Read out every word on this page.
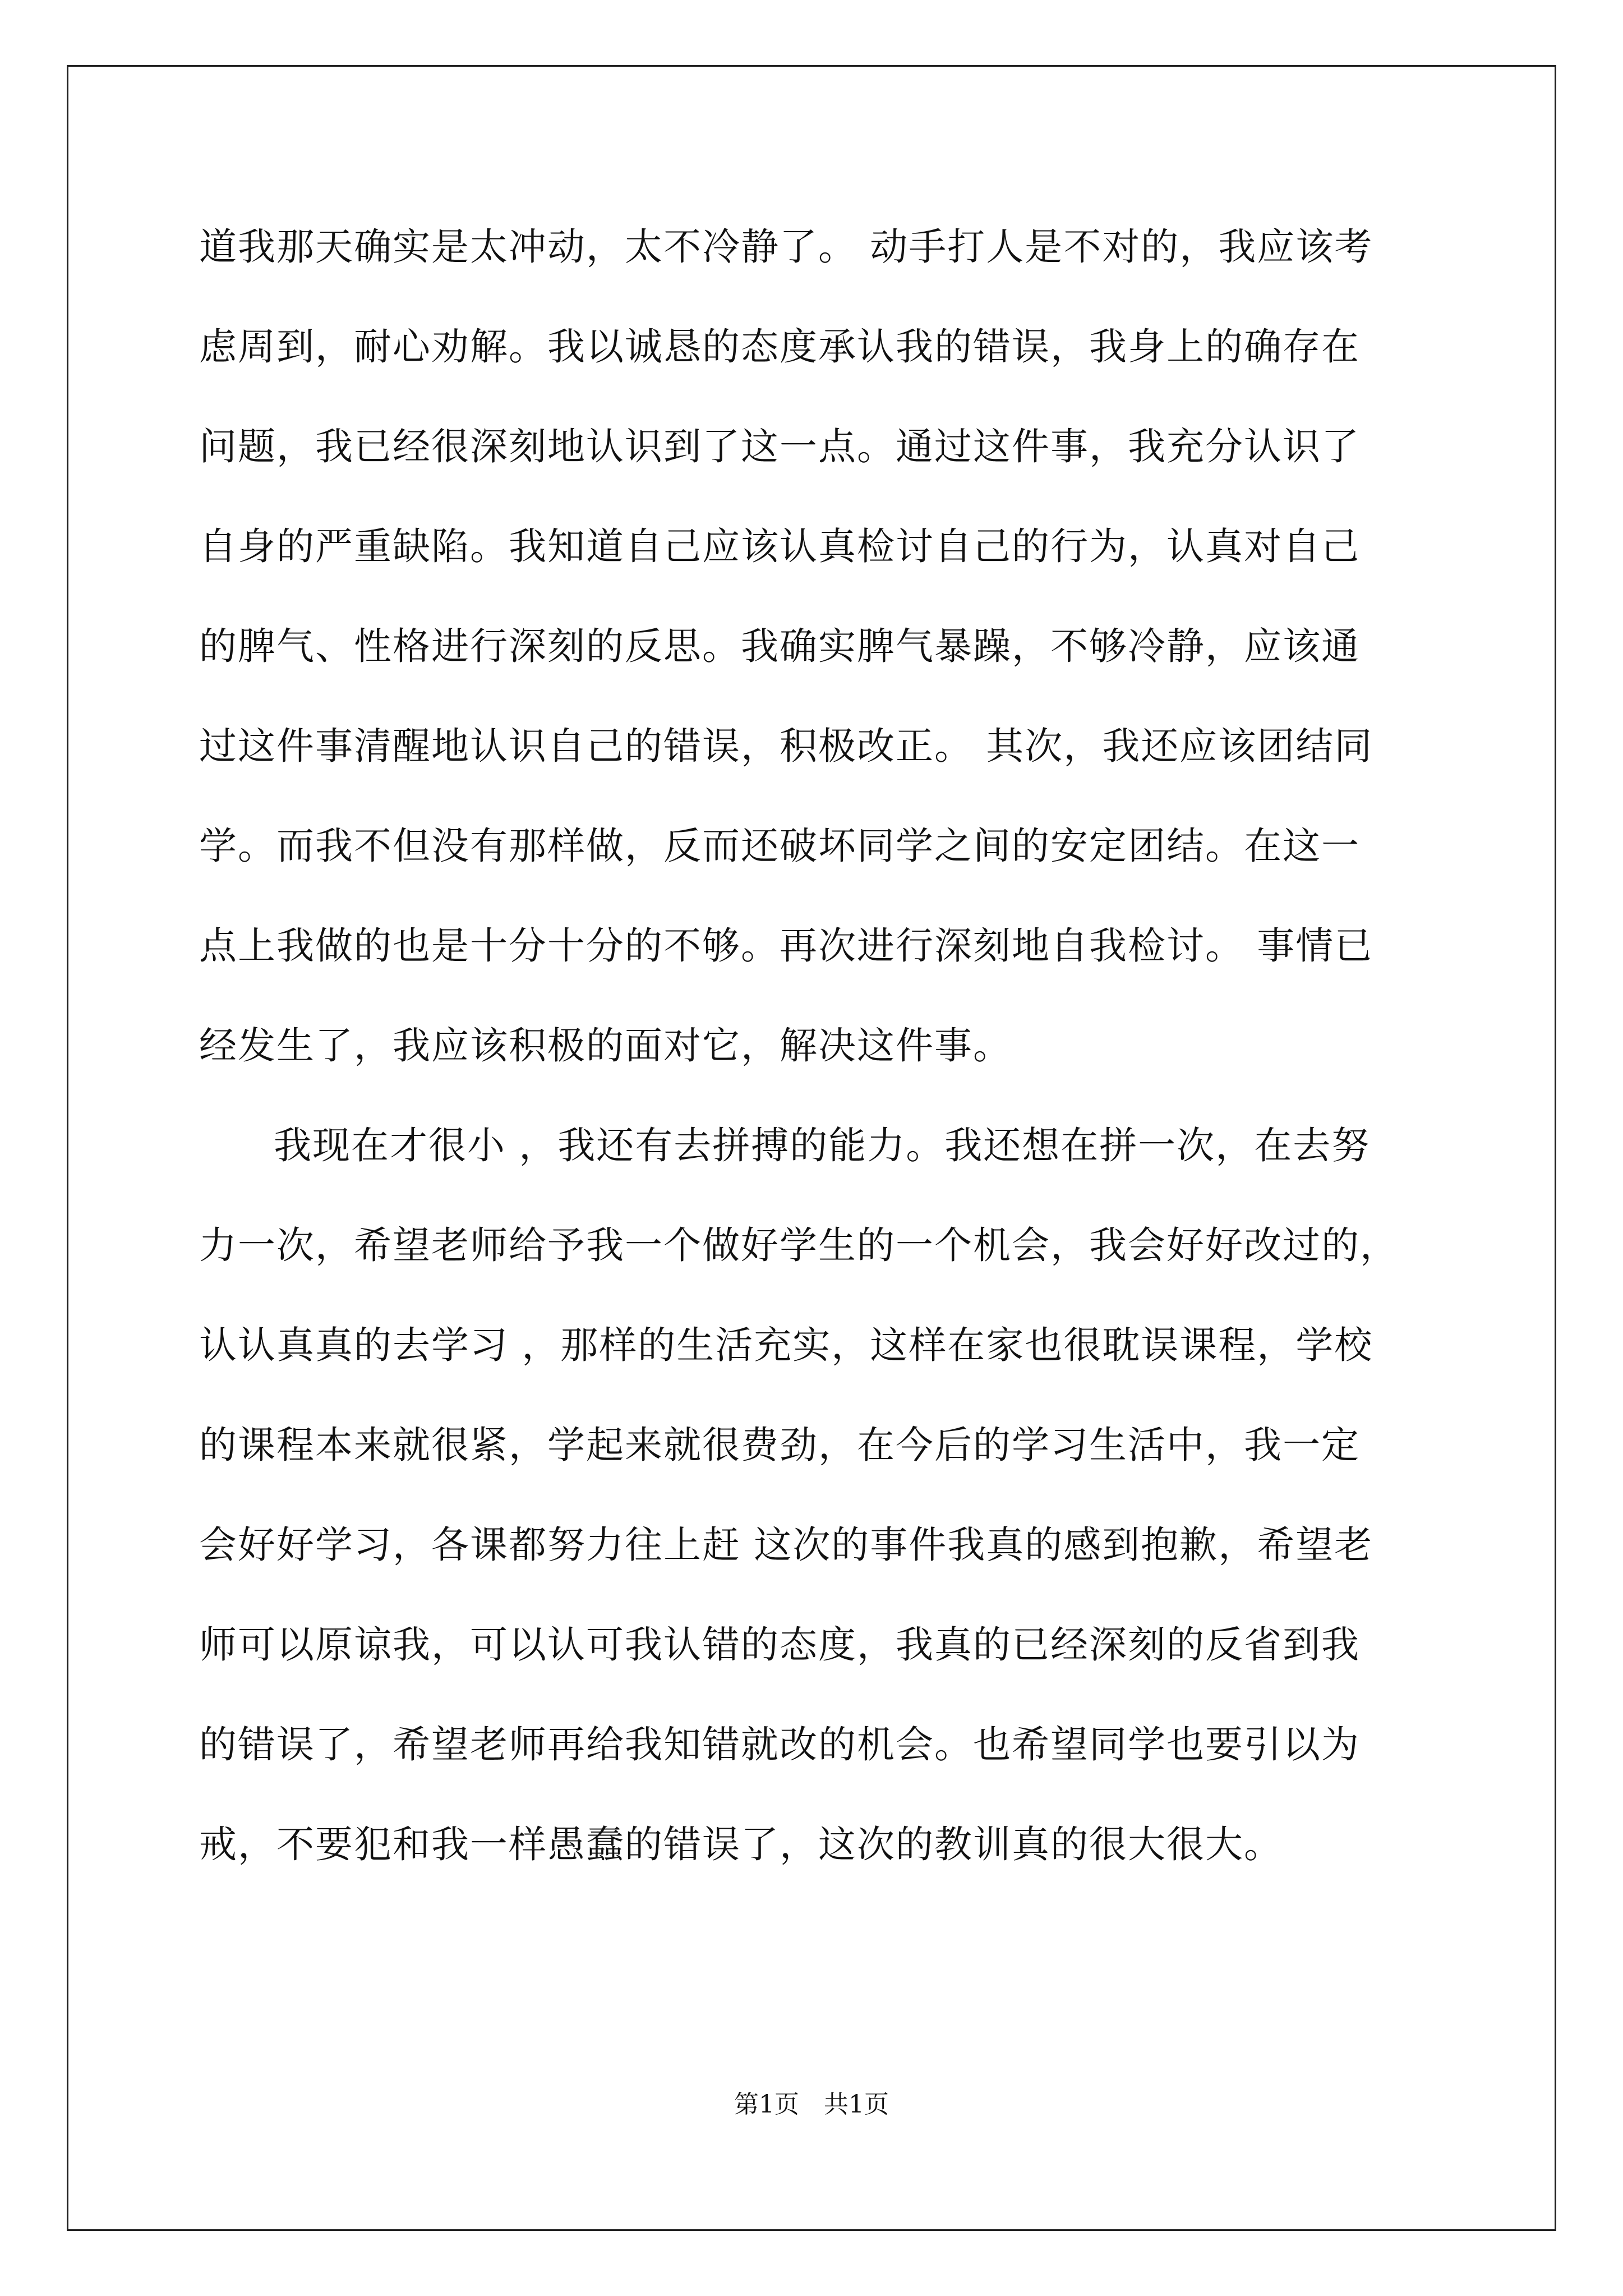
道我那天确实是太冲动，太不冷静了。 动手打人是不对的，我应该考
虑周到，耐心劝解。我以诚恳的态度承认我的错误，我身上的确存在
问题，我已经很深刻地认识到了这一点。通过这件事，我充分认识了
自身的严重缺陷。我知道自己应该认真检讨自己的行为，认真对自己
的脾气、性格进行深刻的反思。我确实脾气暴躁，不够冷静，应该通
过这件事清醒地认识自己的错误，积极改正。 其次，我还应该团结同
学。而我不但没有那样做，反而还破坏同学之间的安定团结。在这一
点上我做的也是十分十分的不够。再次进行深刻地自我检讨。 事情已
经发生了，我应该积极的面对它，解决这件事。
我现在才很小 ，我还有去拼搏的能力。我还想在拼一次，在去努
力一次，希望老师给予我一个做好学生的一个机会，我会好好改过的，
认认真真的去学习 ，那样的生活充实，这样在家也很耽误课程，学校
的课程本来就很紧，学起来就很费劲，在今后的学习生活中，我一定
会好好学习，各课都努力往上赶 这次的事件我真的感到抱歉，希望老
师可以原谅我，可以认可我认错的态度，我真的已经深刻的反省到我
的错误了，希望老师再给我知错就改的机会。也希望同学也要引以为
戒，不要犯和我一样愚蠢的错误了，这次的教训真的很大很大。
第1页　共1页
